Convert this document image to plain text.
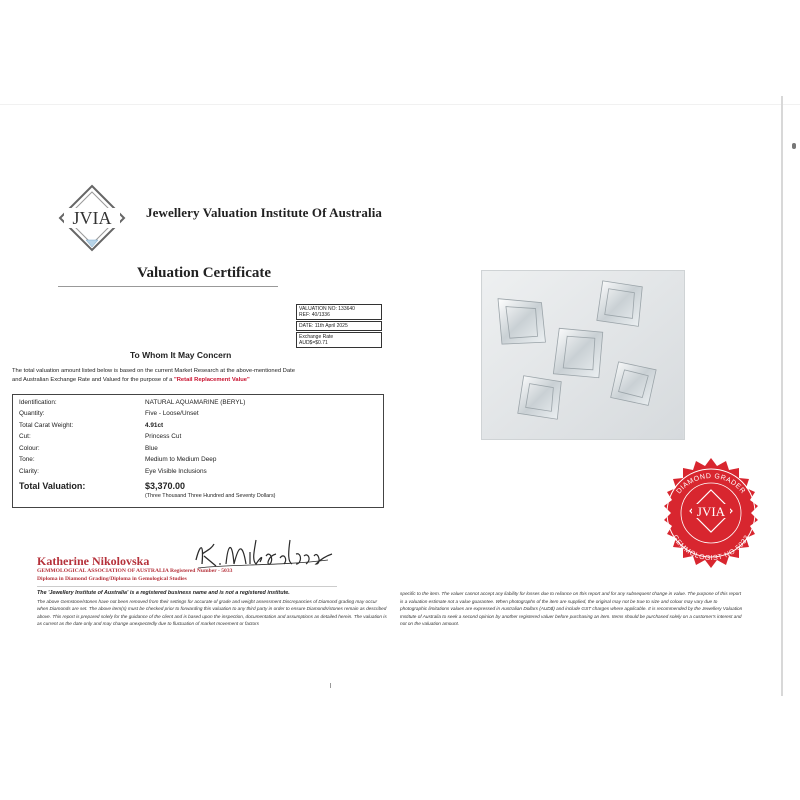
JVIA	Jewellery Valuation Institute Of Australia
Valuation Certificate
VALUATION NO: 133640
REF: 40/1336
DATE: 11th April 2025
Exchange Rate
AUD$=$0.71
To Whom It May Concern
The total valuation amount listed below is based on the current Market Research at the above-mentioned Date
and Australian Exchange Rate and Valued for the purpose of a "Retail Replacement Value"
Identification:	NATURAL AQUAMARINE (BERYL)
Quantity:	Five - Loose/Unset
Total Carat Weight:	4.91ct
Cut:	Princess Cut
Colour:	Blue
Tone:	Medium to Medium Deep
Clarity:	Eye Visible Inclusions
Total Valuation:	$3,370.00
(Three Thousand Three Hundred and Seventy Dollars)
Katherine Nikolovska
GEMMOLOGICAL ASSOCIATION OF AUSTRALIA Registered Number - 5033
Diploma in Diamond Grading/Diploma in Gemological Studies
The 'Jewellery Institute of Australia' is a registered business name and is not a registered institute.
The above Gemstone/stones have not been removed from their settings for accurate of grade and weight assessment Discrepancies of Diamond grading may occur when Diamonds are set. The above item(s) must be checked prior to forwarding this valuation to any third party in order to ensure Diamonds/stones remain as described above. This report is prepared solely for the guidance of the client and is based upon the inspection, documentation and assumptions as detailed herein. The valuation is as current as the date only and may change unexpectedly due to fluctuation of market movement or factors
specific to the item. The valuer cannot accept any liability for losses due to reliance on this report and for any subsequent change in value. The purpose of this report is a valuation estimate not a value guarantee. When photographs of the item are supplied, the original may not be true to size and colour may vary due to photographic limitations values are expressed in Australian Dollars (AUD$) and include GST charges where applicable. It is recommended by the Jewellery Valuation Institute of Australia to seek a second opinion by another registered valuer before purchasing an item. Items should be purchased solely on a customer's interest and not on the valuation amount.
DIAMOND GRADER
GEMMOLOGIST NO 5033
JVIA
